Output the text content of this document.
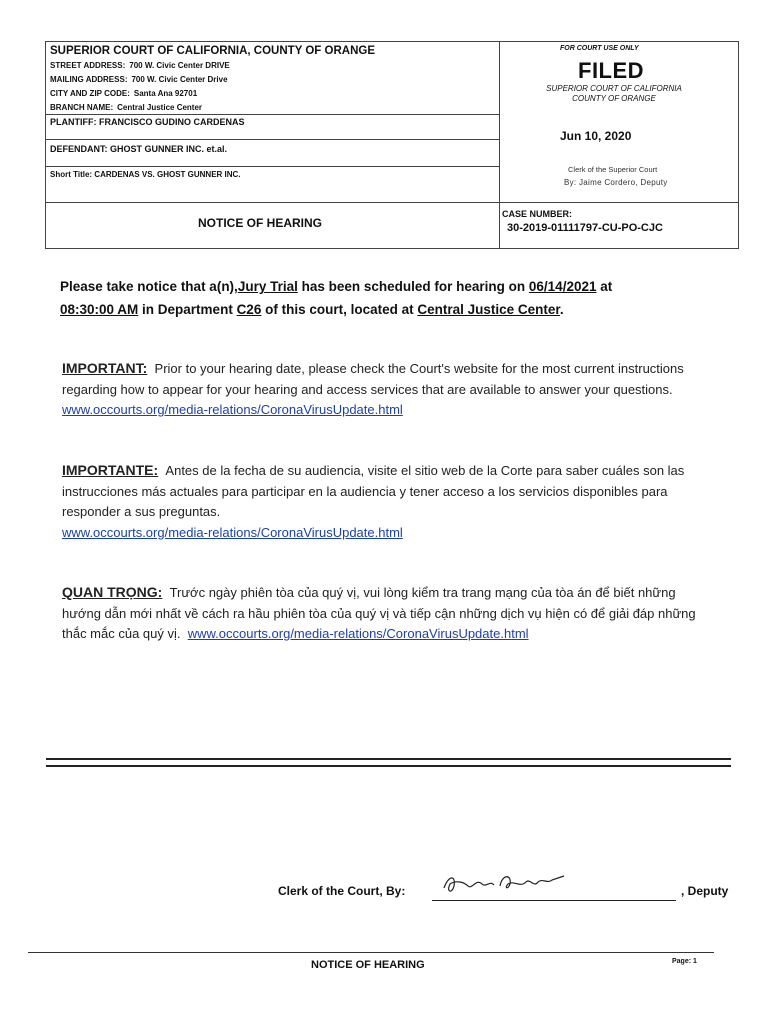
SUPERIOR COURT OF CALIFORNIA, COUNTY OF ORANGE
STREET ADDRESS: 700 W. Civic Center DRIVE
MAILING ADDRESS: 700 W. Civic Center Drive
CITY AND ZIP CODE: Santa Ana 92701
BRANCH NAME: Central Justice Center
PLANTIFF: FRANCISCO GUDINO CARDENAS
DEFENDANT: GHOST GUNNER INC. et.al.
Short Title: CARDENAS VS. GHOST GUNNER INC.
NOTICE OF HEARING
CASE NUMBER:
30-2019-01111797-CU-PO-CJC
FOR COURT USE ONLY
FILED
SUPERIOR COURT OF CALIFORNIA
COUNTY OF ORANGE
Jun 10, 2020
Clerk of the Superior Court
By: Jaime Cordero, Deputy
Please take notice that a(n),Jury Trial has been scheduled for hearing on 06/14/2021 at
08:30:00 AM in Department C26 of this court, located at Central Justice Center.
IMPORTANT: Prior to your hearing date, please check the Court's website for the most current instructions regarding how to appear for your hearing and access services that are available to answer your questions.
www.occourts.org/media-relations/CoronaVirusUpdate.html
IMPORTANTE: Antes de la fecha de su audiencia, visite el sitio web de la Corte para saber cuáles son las instrucciones más actuales para participar en la audiencia y tener acceso a los servicios disponibles para responder a sus preguntas.
www.occourts.org/media-relations/CoronaVirusUpdate.html
QUAN TRỌNG: Trước ngày phiên tòa của quý vị, vui lòng kiểm tra trang mạng của tòa án để biết những hướng dẫn mới nhất về cách ra hầu phiên tòa của quý vị và tiếp cận những dịch vụ hiện có để giải đáp những thắc mắc của quý vị. www.occourts.org/media-relations/CoronaVirusUpdate.html
Clerk of the Court, By:	, Deputy
NOTICE OF HEARING	Page: 1
